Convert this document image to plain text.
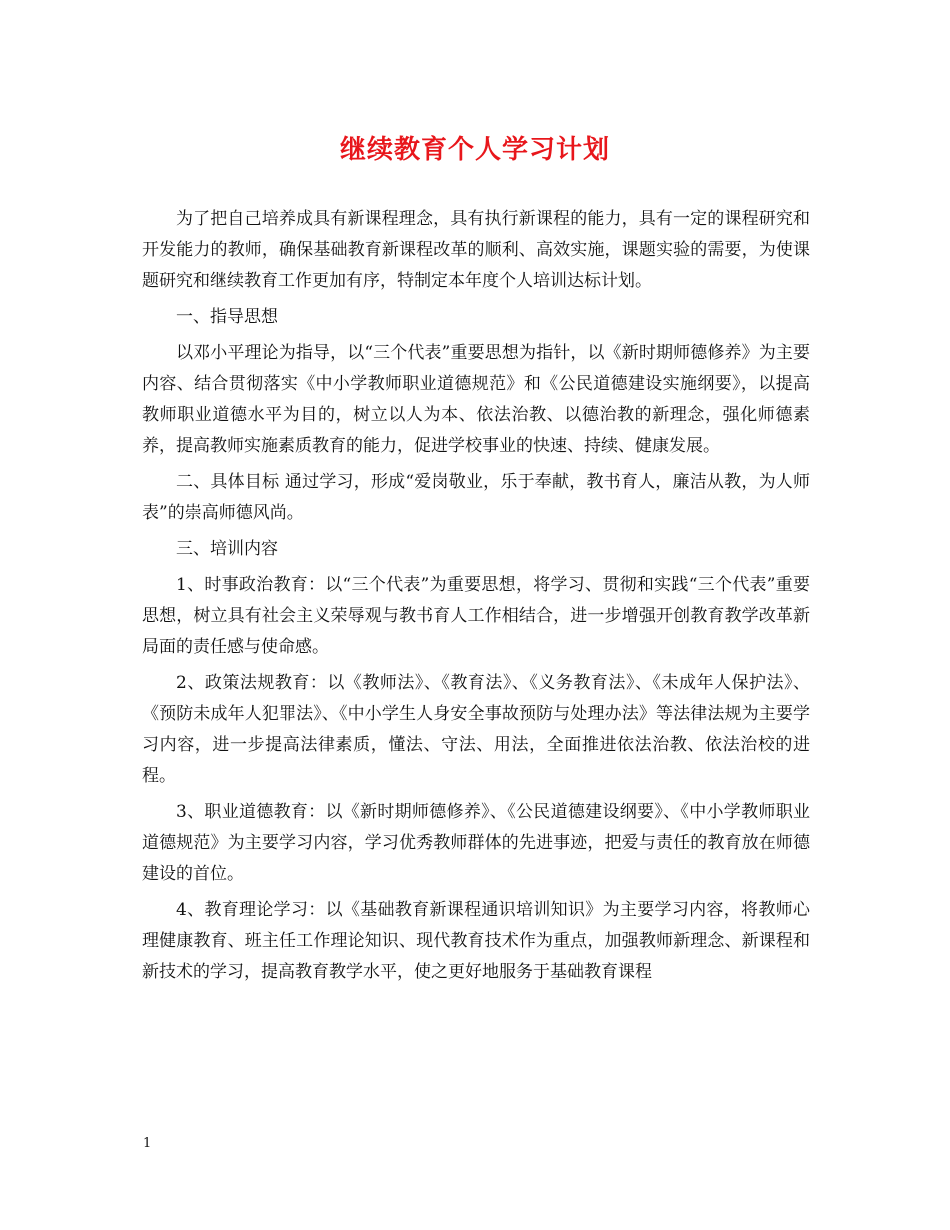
继续教育个人学习计划

为了把自己培养成具有新课程理念，具有执行新课程的能力，具有一定的课程研究和开发能力的教师，确保基础教育新课程改革的顺利、高效实施，课题实验的需要，为使课题研究和继续教育工作更加有序，特制定本年度个人培训达标计划。

一、指导思想

以邓小平理论为指导，以“三个代表”重要思想为指针，以《新时期师德修养》为主要内容、结合贯彻落实《中小学教师职业道德规范》和《公民道德建设实施纲要》，以提高教师职业道德水平为目的，树立以人为本、依法治教、以德治教的新理念，强化师德素养，提高教师实施素质教育的能力，促进学校事业的快速、持续、健康发展。

二、具体目标 通过学习，形成“爱岗敬业，乐于奉献，教书育人，廉洁从教，为人师表”的崇高师德风尚。

三、培训内容

1、时事政治教育：以“三个代表”为重要思想，将学习、贯彻和实践“三个代表”重要思想，树立具有社会主义荣辱观与教书育人工作相结合，进一步增强开创教育教学改革新局面的责任感与使命感。

2、政策法规教育：以《教师法》、《教育法》、《义务教育法》、《未成年人保护法》、《预防未成年人犯罪法》、《中小学生人身安全事故预防与处理办法》等法律法规为主要学习内容，进一步提高法律素质，懂法、守法、用法，全面推进依法治教、依法治校的进程。

3、职业道德教育：以《新时期师德修养》、《公民道德建设纲要》、《中小学教师职业道德规范》为主要学习内容，学习优秀教师群体的先进事迹，把爱与责任的教育放在师德建设的首位。

4、教育理论学习：以《基础教育新课程通识培训知识》为主要学习内容，将教师心理健康教育、班主任工作理论知识、现代教育技术作为重点，加强教师新理念、新课程和新技术的学习，提高教育教学水平，使之更好地服务于基础教育课程

1
